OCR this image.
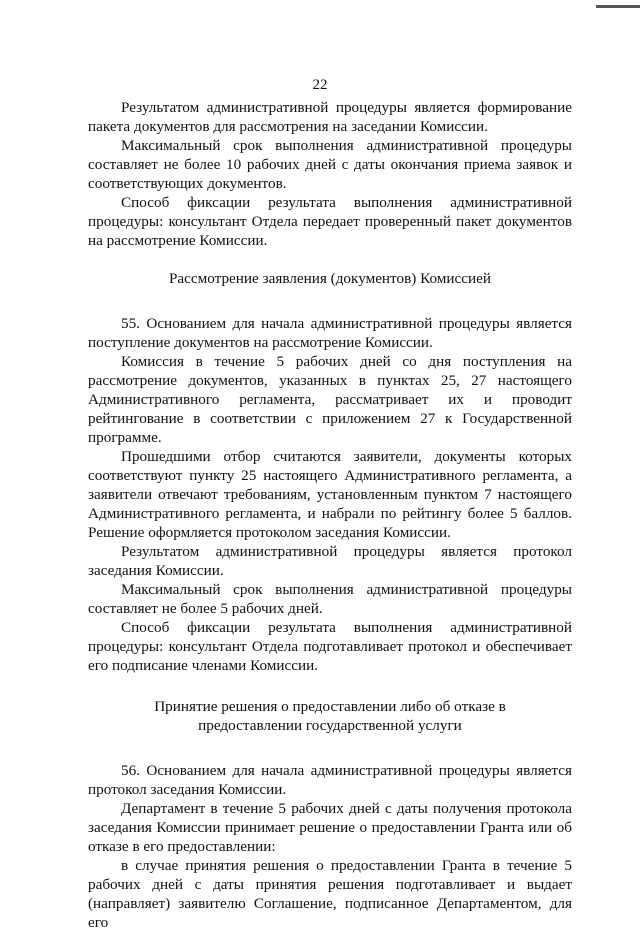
22

Результатом административной процедуры является формирование пакета документов для рассмотрения на заседании Комиссии.

Максимальный срок выполнения административной процедуры составляет не более 10 рабочих дней с даты окончания приема заявок и соответствующих документов.

Способ фиксации результата выполнения административной процедуры: консультант Отдела передает проверенный пакет документов на рассмотрение Комиссии.

Рассмотрение заявления (документов) Комиссией

55. Основанием для начала административной процедуры является поступление документов на рассмотрение Комиссии.

Комиссия в течение 5 рабочих дней со дня поступления на рассмотрение документов, указанных в пунктах 25, 27 настоящего Административного регламента, рассматривает их и проводит рейтингование в соответствии с приложением 27 к Государственной программе.

Прошедшими отбор считаются заявители, документы которых соответствуют пункту 25 настоящего Административного регламента, а заявители отвечают требованиям, установленным пунктом 7 настоящего Административного регламента, и набрали по рейтингу более 5 баллов. Решение оформляется протоколом заседания Комиссии.

Результатом административной процедуры является протокол заседания Комиссии.

Максимальный срок выполнения административной процедуры составляет не более 5 рабочих дней.

Способ фиксации результата выполнения административной процедуры: консультант Отдела подготавливает протокол и обеспечивает его подписание членами Комиссии.

Принятие решения о предоставлении либо об отказе в

предоставлении государственной услуги

56. Основанием для начала административной процедуры является протокол заседания Комиссии.

Департамент в течение 5 рабочих дней с даты получения протокола заседания Комиссии принимает решение о предоставлении Гранта или об отказе в его предоставлении:

в случае принятия решения о предоставлении Гранта в течение 5 рабочих дней с даты принятия решения подготавливает и выдает (направляет) заявителю Соглашение, подписанное Департаментом, для его
